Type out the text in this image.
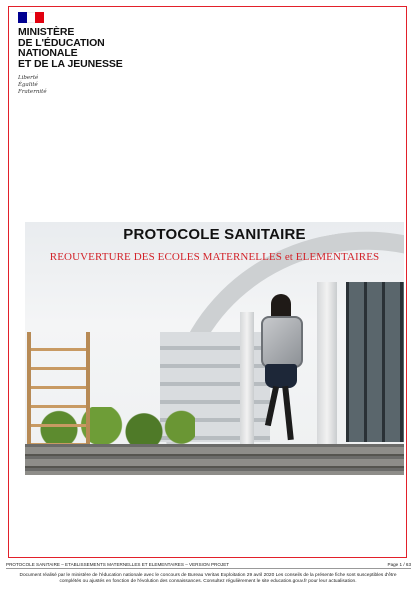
MINISTÈRE
DE L'ÉDUCATION
NATIONALE
ET DE LA JEUNESSE
Liberté
Égalité
Fraternité
PROTOCOLE SANITAIRE
REOUVERTURE DES ECOLES MATERNELLES et ELEMENTAIRES
PROTOCOLE SANITAIRE – ETABLISSEMENTS MATERNELLES ET ELEMENTAIRES – VERSION PROJET	Page 1 / 63
Document réalisé par le ministère de l'éducation nationale avec le concours de Bureau Veritas Exploitation 29 avril 2020 Les conseils de la présente fiche sont susceptibles d'être complétés ou ajustés en fonction de l'évolution des connaissances. Consultez régulièrement le site education.gouv.fr pour leur actualisation.
